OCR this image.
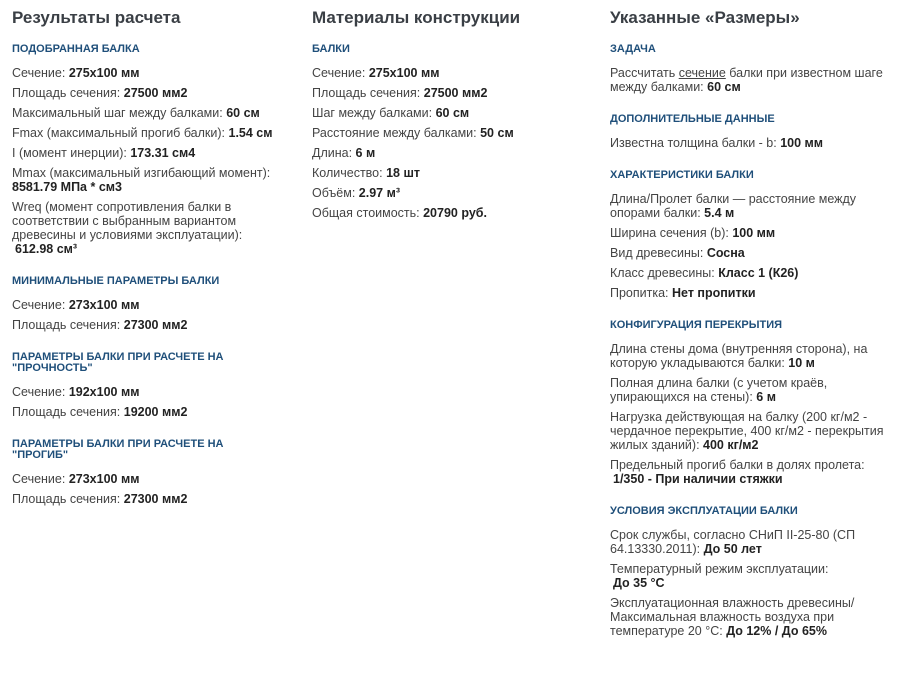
Результаты расчета
ПОДОБРАННАЯ БАЛКА
Сечение: 275x100 мм
Площадь сечения: 27500 мм2
Максимальный шаг между балками: 60 см
Fmax (максимальный прогиб балки): 1.54 см
I (момент инерции): 173.31 см4
Mmax (максимальный изгибающий момент): 8581.79 МПа * см3
Wreq (момент сопротивления балки в соответствии с выбранным вариантом древесины и условиями эксплуатации):
612.98 см³
МИНИМАЛЬНЫЕ ПАРАМЕТРЫ БАЛКИ
Сечение: 273x100 мм
Площадь сечения: 27300 мм2
ПАРАМЕТРЫ БАЛКИ ПРИ РАСЧЕТЕ НА "ПРОЧНОСТЬ"
Сечение: 192x100 мм
Площадь сечения: 19200 мм2
ПАРАМЕТРЫ БАЛКИ ПРИ РАСЧЕТЕ НА "ПРОГИБ"
Сечение: 273x100 мм
Площадь сечения: 27300 мм2
Материалы конструкции
БАЛКИ
Сечение: 275x100 мм
Площадь сечения: 27500 мм2
Шаг между балками: 60 см
Расстояние между балками: 50 см
Длина: 6 м
Количество: 18 шт
Объём: 2.97 м³
Общая стоимость: 20790 руб.
Указанные «Размеры»
ЗАДАЧА
Рассчитать сечение балки при известном шаге между балками: 60 см
ДОПОЛНИТЕЛЬНЫЕ ДАННЫЕ
Известна толщина балки - b: 100 мм
ХАРАКТЕРИСТИКИ БАЛКИ
Длина/Пролет балки — расстояние между опорами балки: 5.4 м
Ширина сечения (b): 100 мм
Вид древесины: Сосна
Класс древесины: Класс 1 (К26)
Пропитка: Нет пропитки
КОНФИГУРАЦИЯ ПЕРЕКРЫТИЯ
Длина стены дома (внутренняя сторона), на которую укладываются балки: 10 м
Полная длина балки (с учетом краёв, упирающихся на стены): 6 м
Нагрузка действующая на балку (200 кг/м2 - чердачное перекрытие, 400 кг/м2 - перекрытия жилых зданий): 400 кг/м2
Предельный прогиб балки в долях пролета:
1/350 - При наличии стяжки
УСЛОВИЯ ЭКСПЛУАТАЦИИ БАЛКИ
Срок службы, согласно СНиП II-25-80 (СП 64.13330.2011): До 50 лет
Температурный режим эксплуатации:
До 35 °С
Эксплуатационная влажность древесины/ Максимальная влажность воздуха при температуре 20 °С: До 12% / До 65%
